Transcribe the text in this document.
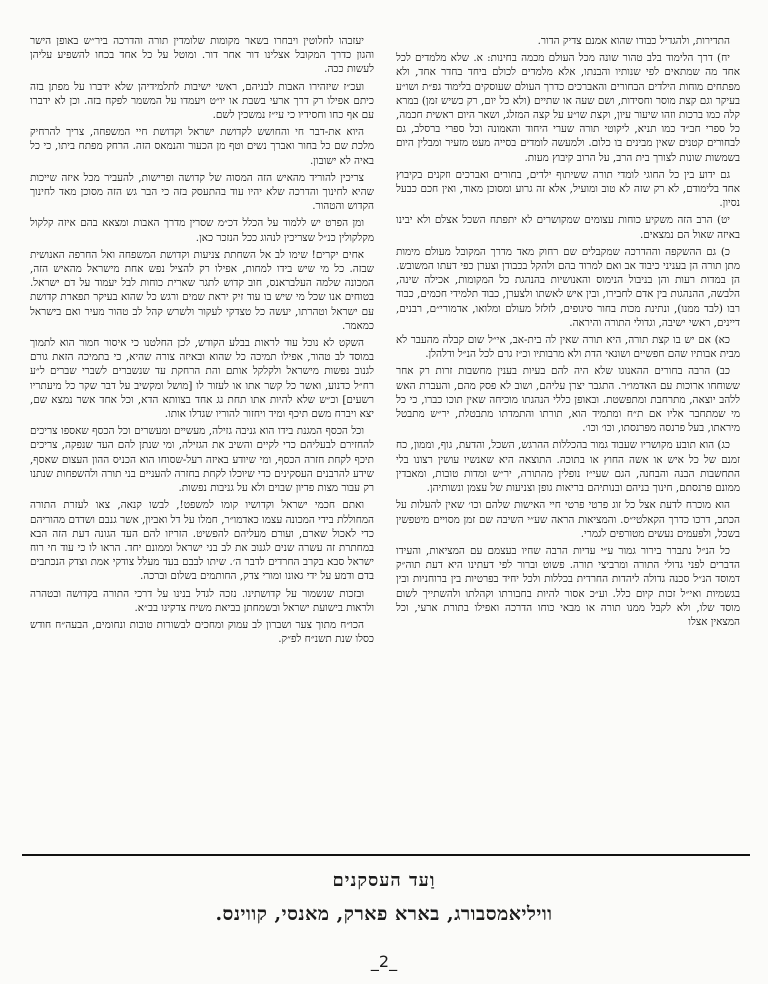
התדירות, ולהגדיל כבודו שהוא אמנם צדיק הדור.

יח) דרך הלימוד בלב טהור שונה מכל העולם מכמה בחינות: א. שלא מלמדים לכל אחד מה שמתאים לפי שנותיו והבנתו, אלא מלמדים לכולם ביחד בחדר אחד, ולא מפתחים מוחות הילדים הבחורים והאברכים כדרך העולם שעוסקים בלימוד גפ״ת ושו״ע בעיקר וגם קצת מוסר וחסידות, ושם שעה או שתיים (ולא כל יום, רק כשיש זמן) במרא קלה כמו ברכות וזהו שיעור עיון, וקצת שו״ע על קצה המזלג, ושאר היום ראשית חכמה, כל ספרי חב״ד כמו תניא, ליקוטי תורה שערי היחוד והאמונה וכל ספרי ברסלב, גם לבחורים קטנים שאין מבינים בו כלום. ולמעשה לומדים בסייה מעט מזעיר ומבלין היום בשמשות שונות לצורך בית הרב, על הרוב קיבוץ מעות.

גם ידוע בין כל החוגי לומדי תורה ששיתוף ילדים, בחורים ואברכים וזקנים בקיבוץ אחד בלימודם, לא רק שזה לא טוב ומועיל, אלא זה גרוע ומסוכן מאוד, ואין חכם כבעל נסיון.

יט) הרב הזה משקיע כוחות עצומים שמקושרים לא יתפתח השכל אצלם ולא יבינו באיזה שאול הם נמצאים.

כ) גם ההשקפה וההדרכה שמקבלים שם רחוק מאד מדרך המקובל מעולם מימות מתן תורה הן בעניני כיבוד אב ואם למרוד בהם ולהקל בכבודן וצערן כפי דעתו המשובש. הן במדות רעות והן בניבול הנימוס והאנושיות בהנהגת כל המקומות, אכילה שינה, הלבשה, ההנהגות בין אדם לחבירו, ובין איש לאשתו ולצערן, כבוד תלמידי חכמים, כבוד רבו (לבד ממנו), ונתינת מכות בחור סיגופים, לזלזל מעולם ומלואו, אדמורי״ם, רבנים, דיינים, ראשי ישיבה, וגדולי התורה והיראה.

כא) אם יש בו קצת תורה, היא תורה שאין לה בית-אב, אי״ל שום קבלה מהעבר לא מבית אבותיו שהם חפשיים ושונאי הדת ולא מרבותיו וכ״ז גרם לכל הנ״ל ודלהלן.

כב) הרבה בחורים ההאנוגו שלא היה להם בעיות בענין מחשבות זרות רק אחר ששוחחו ארוכות עם האדמו״ר. התגבר יצרן עליהם, ושוב לא פסק מהם, והעברת האש ללהב יוצאה, מתרחבת ומתפשטת. ובאופן כללי הנהגתו מוכיחה שאין תוכו כברו, כי כל מי שמתחבר אליו אם ת״ח ומתמיד הוא, תורתו והתמדתו מתבטלת, יר״ש מתבטל מיראתו, בעל פרנסה מפרנסתו, וכו׳ וכו׳.

כג) הוא תובע מקושריו שעבוד גמור בהכללות ההרגש, השכל, והדעת, גוף, וממון, כח זמנם של כל איש או אשה החוץ או בתוכה. התוצאה היא שאנשיו עושין רצונו בלי התחשבות הבנה והבחנה, הגם שעי״ז נופלין מהתורה, יר״ש ומדות טובות, ומאבדין ממונם פרנסתם, חינוך בניהם ובנותיהם בריאות גופן וצניעות של עצמן ונשותיהן.

הוא מוכרח לדעת אצל כל זוג פרטי פרטי חיי האישות שלהם וכו׳ שאין להעלות על הכתב, דרכו כדרך הקאלטי״ס. והמציאות הראה שע״י השיבה שם זמן מסויים מיטפשין בשכל, ולפעמים נעשים מטורפים לגמרי.

כל הנ״ל נתברר בירור גמור ע״י עדיות הרבה שחיו בעצמם עם המציאות, והעידו הדברים לפני גדולי התורה ומרביצי תורה. פשוט וברור לפי דעתינו היא דעת תוה״ק דמוסד הנ״ל סכנה גדולה ליהדות החרדית בכללות ולכל יחיד בפרטיות בין ברוחניות ובין בגשמיות ואי״ל זכות קיום כלל. וע״כ אסור להיות בחבורתו וקהלתו ולהשתייך לשום מוסד שלו, ולא לקבל ממנו תורה או מבאי כוחו הדרכה ואפילו בתורת ארעי, וכל המצאין אצלו

יעזבהו לחלוטין ויבחרו בשאר מקומות שלומדין תורה והדרכה ביר״ש באופן הישר והגון כדרך המקובל אצלינו דור אחר דור. ומוטל על כל אחד בכחו להשפיע עליהן לעשות ככה.

ועכ״ז שיזהירו האבות לבניהם, ראשי ישיבות לתלמידיהן שלא ידברו על מפתן בזה כיתם אפילו רק דרך ארעי בשבת או יו״ט ויעמדו על המשמר לפקח בזה. וכן לא ידברו עם אף כחו וחסידיו כי עי״ז נמשכין לשם.

היוא את-דבר חי והחושש לקדושת ישראל וקדושת חיי המשפחה, צריך להרחיק מלכת שם כל בחור ואברך נשים וטף מן הכעור והנמאס הזה. הרחק מפתח ביתו, כי כל באיה לא ישובון.

צריכין להוריד מהאיש הזה המסוה של קדושה ופרישות, להעביר מכל איזה שייכות שהיא לחינוך והדרכה שלא יהיו עוד בהתעסק בזה כי הבר גש הזה מסוכן מאד לחינוך הקדוש והטהור.

ומן הפרט יש ללמוד על הכלל דכ״מ שסרין מדרך האבות ומצאא בהם איזה קלקול מקלקולין כנ״ל שצריכין לנהוג ככל הנזכר כאן.

אחים יקרים! שימו לב אל השחתת צניעות וקדושת המשפחה ואל החרפה האנושית שבזה. כל מי שיש בידו למחות, אפילו רק להציל נפש אחת מישראל מהאיש הזה, המכונה שלמה העלבראנס, חוב קדוש לתגר שארית כוחות לבל יעמוד על דם ישראל. בטוחים אנו שכל מי שיש בו עוד זיק יראת שמים ורגש כל שהוא בעיקר תפארת קדושת עם ישראל וטהרתו, יעשה כל טצדקי לעקור ולשרש קהל לב טהור מעיר ואם בישראל כמאמר.

השקט לא נוכל עוד לראות בבלע הקודש, לכן החלטנו כי איסור חמור הוא לתמוך במוסד לב טהור, אפילו תמיכה כל שהוא ובאיזה צורה שהיא, כי בתמיכה הזאת גורם לגנוב נפשות מישראל ולקלקל אותם והת הרחקת עד שנשברים לשברי שברים ל״ע רח״ל כדנוע, ואשר כל קשר אתו או לעזור לו [מושל ומקשיב על דבר שקר כל מיעתריו רשעים] וכ״ש שלא להיות אתו תחת גג אחד בצוותא הדא, וכל אחד אשר נמצא שם, יצא ויברח משם תיכף ומיד ויחזור להוריו שגדלו אותו.

וכל הכסף המגנת בידו הוא גניבה גזילה, מעשיים ומעשרים וכל הכסף שאספו צריכים להחזירם לבעליהם כדי לקיים והשיב את הגזילה, ומי שנתן להם העד שנפקה, צריכים תיכף לקחת חזרה הכסף, ומי שיודע באיזה רעל-שסוחו הוא הכניס ההון העצום שאסף, שידע להרבנים העסקינים כדי שיוכלו לקחת בחזרה להעניים בני תורה ולהשפחות שנתנו רק עבור מצות פדיון שבוים ולא על גניבות נפשות.

ואתם חכמי ישראל וקדושיו קומו למשפט!, לבשו קנאה, צאו לעזרת התורה המחוללת בידי המכונה עצמו כאדמו״ר, חמלו על דל ואביון, אשר גנבם ושדדם מהוריהם כדי לאכול שארם, ועורם מעליהם להפשיט. הזריזו להם העד הגונה דעת הזה הבא במחתרת זה עשרה שנים לגנוב את לב בני ישראל וממונם יחד. הראו לו כי עוד חי רוח ישראל סבא בקרב החרדים לדבר ה׳. שיתו לבבם בעד מעלל צודקי אמת וצדק הנכתבים בדם ודמע על ידי גאונו ומורי צדק, החותמים בשלום וברכה.

ובזכות שנשמור על קדושתינו. נזכה לגדל בנינו על דרכי התורה בקדושה ובטהרה ולראות בישועת ישראל ובשמחתן בביאת משיח צדקינו בב״א.

הכו״ח מתוך צער ושברון לב עמוק ומחכים לבשורות טובות ונחומים, הבעה״ח חודש כסלו שנת תשנ״ח לפ״ק.

וַעד העסקנים
וויליאמסבורג, בארא פארק, מאנסי, קווינס.
_2_
